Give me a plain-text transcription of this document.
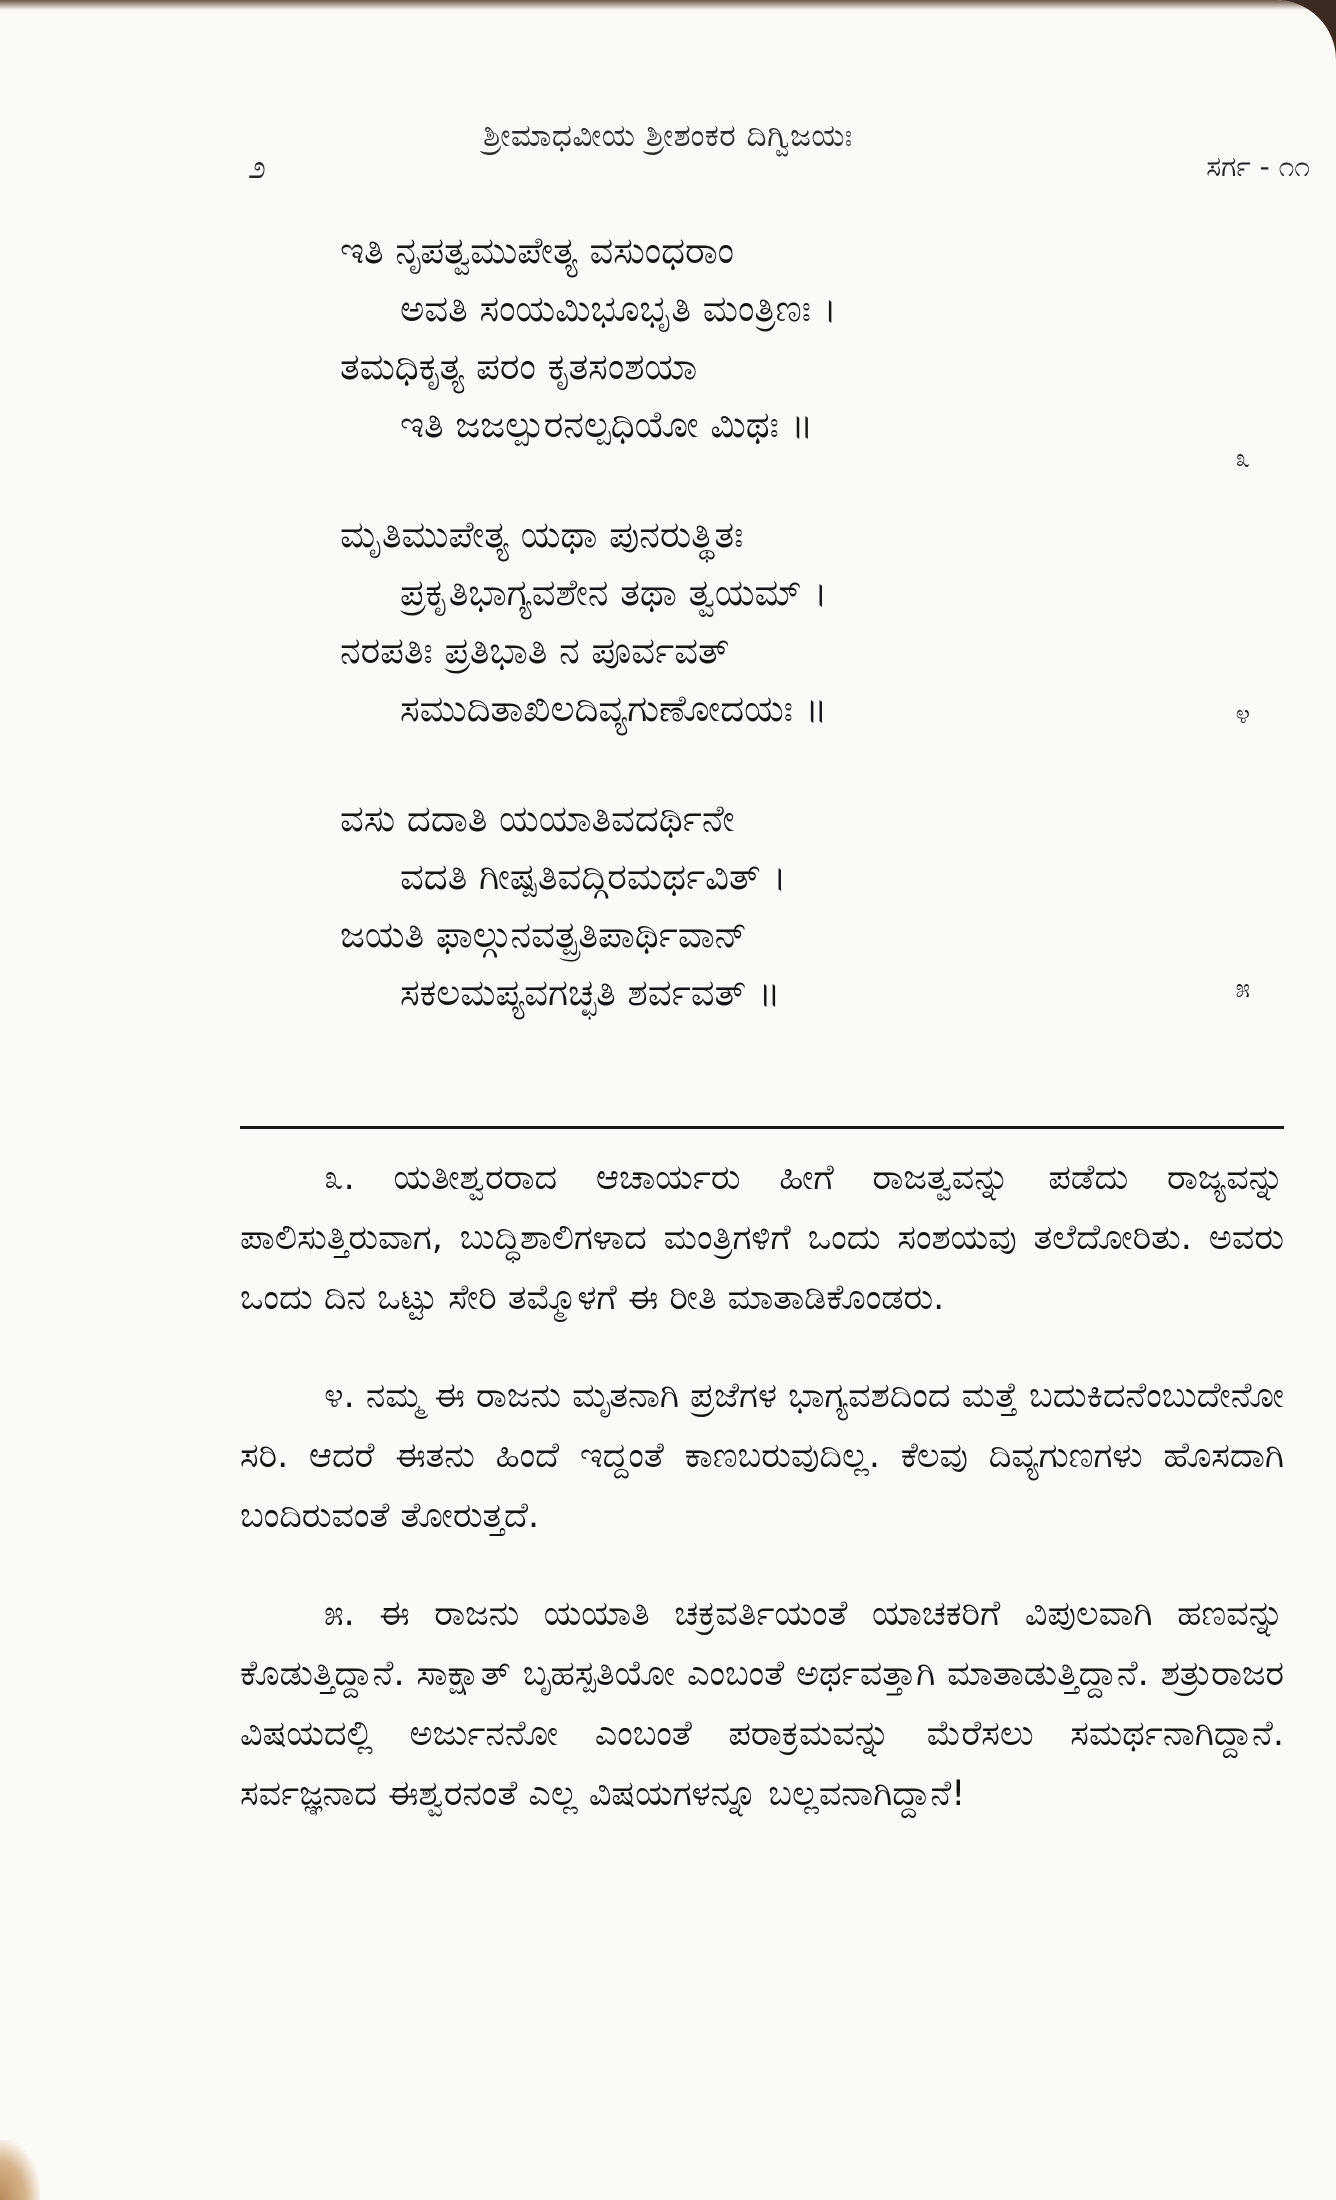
ಶ್ರೀಮಾಧವೀಯ ಶ್ರೀಶಂಕರ ದಿಗ್ವಿಜಯಃ
೨	ಸರ್ಗ - ೧೧
ಇತಿ ನೃಪತ್ವಮುಪೇತ್ಯ ವಸುಂಧರಾಂ
ಅವತಿ ಸಂಯಮಿಭೂಭೃತಿ ಮಂತ್ರಿಣಃ ।
ತಮಧಿಕೃತ್ಯ ಪರಂ ಕೃತಸಂಶಯಾ
ಇತಿ ಜಜಲ್ಪುರನಲ್ಪಧಿಯೋ ಮಿಥಃ ॥
೩
ಮೃತಿಮುಪೇತ್ಯ ಯಥಾ ಪುನರುತ್ಥಿತಃ
ಪ್ರಕೃತಿಭಾಗ್ಯವಶೇನ ತಥಾ ತ್ವಯಮ್ ।
ನರಪತಿಃ ಪ್ರತಿಭಾತಿ ನ ಪೂರ್ವವತ್
ಸಮುದಿತಾಖಿಲದಿವ್ಯಗುಣೋದಯಃ ॥	೪
ವಸು ದದಾತಿ ಯಯಾತಿವದರ್ಥಿನೇ
ವದತಿ ಗೀಷ್ಪತಿವದ್ಗಿರಮರ್ಥವಿತ್ ।
ಜಯತಿ ಫಾಲ್ಗುನವತ್ಪ್ರತಿಪಾರ್ಥಿವಾನ್
ಸಕಲಮಪ್ಯವಗಚ್ಛತಿ ಶರ್ವವತ್ ॥	೫

೩. ಯತೀಶ್ವರರಾದ ಆಚಾರ್ಯರು ಹೀಗೆ ರಾಜತ್ವವನ್ನು ಪಡೆದು ರಾಜ್ಯವನ್ನು ಪಾಲಿಸುತ್ತಿರುವಾಗ, ಬುದ್ಧಿಶಾಲಿಗಳಾದ ಮಂತ್ರಿಗಳಿಗೆ ಒಂದು ಸಂಶಯವು ತಲೆದೋರಿತು. ಅವರು ಒಂದು ದಿನ ಒಟ್ಟು ಸೇರಿ ತಮ್ಮೊಳಗೆ ಈ ರೀತಿ ಮಾತಾಡಿಕೊಂಡರು.

೪. ನಮ್ಮ ಈ ರಾಜನು ಮೃತನಾಗಿ ಪ್ರಜೆಗಳ ಭಾಗ್ಯವಶದಿಂದ ಮತ್ತೆ ಬದುಕಿದನೆಂಬುದೇನೋ ಸರಿ. ಆದರೆ ಈತನು ಹಿಂದೆ ಇದ್ದಂತೆ ಕಾಣಬರುವುದಿಲ್ಲ. ಕೆಲವು ದಿವ್ಯಗುಣಗಳು ಹೊಸದಾಗಿ ಬಂದಿರುವಂತೆ ತೋರುತ್ತದೆ.

೫. ಈ ರಾಜನು ಯಯಾತಿ ಚಕ್ರವರ್ತಿಯಂತೆ ಯಾಚಕರಿಗೆ ವಿಪುಲವಾಗಿ ಹಣವನ್ನು ಕೊಡುತ್ತಿದ್ದಾನೆ. ಸಾಕ್ಷಾತ್ ಬೃಹಸ್ಪತಿಯೋ ಎಂಬಂತೆ ಅರ್ಥವತ್ತಾಗಿ ಮಾತಾಡುತ್ತಿದ್ದಾನೆ. ಶತ್ರುರಾಜರ ವಿಷಯದಲ್ಲಿ ಅರ್ಜುನನೋ ಎಂಬಂತೆ ಪರಾಕ್ರಮವನ್ನು ಮೆರೆಸಲು ಸಮರ್ಥನಾಗಿದ್ದಾನೆ. ಸರ್ವಜ್ಞನಾದ ಈಶ್ವರನಂತೆ ಎಲ್ಲ ವಿಷಯಗಳನ್ನೂ ಬಲ್ಲವನಾಗಿದ್ದಾನೆ!
